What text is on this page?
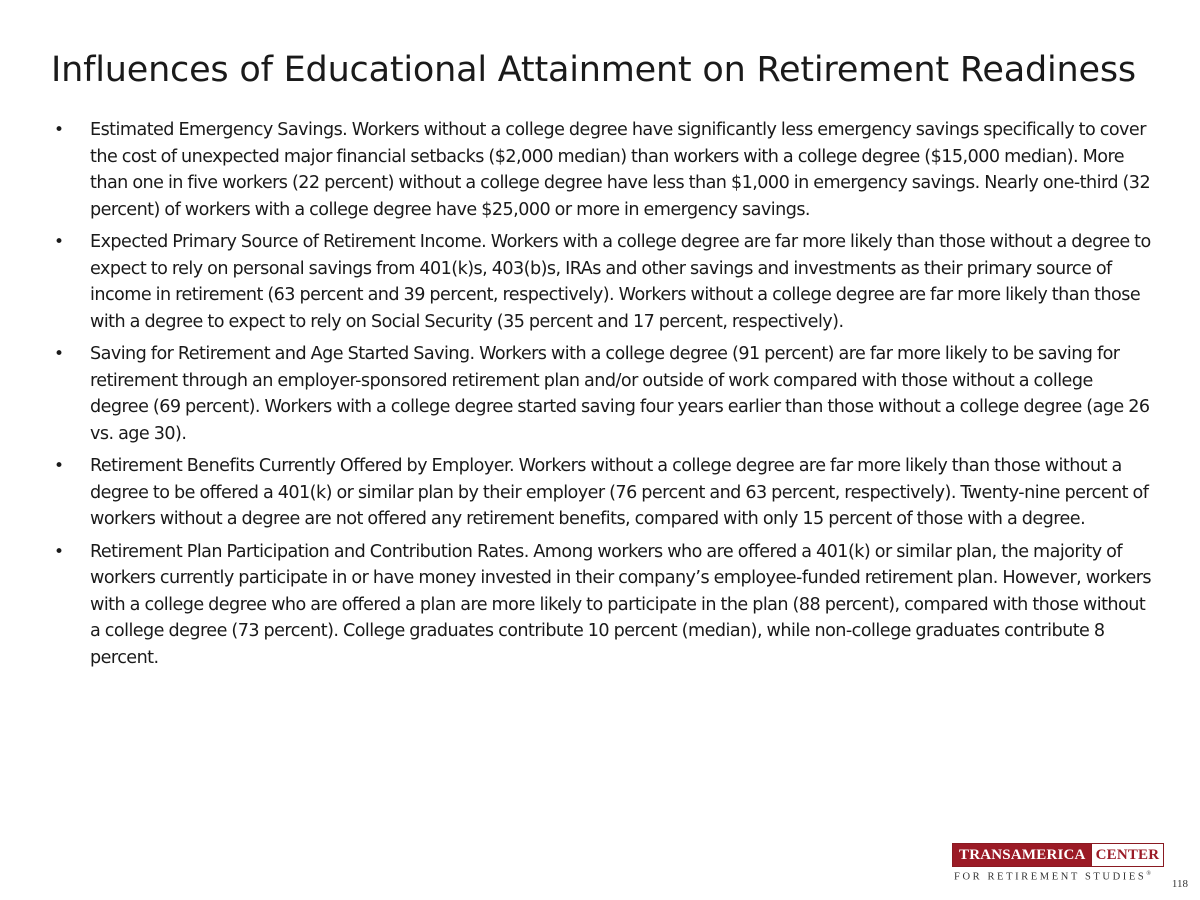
Influences of Educational Attainment on Retirement Readiness
• Estimated Emergency Savings. Workers without a college degree have significantly less emergency savings specifically to cover the cost of unexpected major financial setbacks ($2,000 median) than workers with a college degree ($15,000 median). More than one in five workers (22 percent) without a college degree have less than $1,000 in emergency savings. Nearly one-third (32 percent) of workers with a college degree have $25,000 or more in emergency savings.
• Expected Primary Source of Retirement Income. Workers with a college degree are far more likely than those without a degree to expect to rely on personal savings from 401(k)s, 403(b)s, IRAs and other savings and investments as their primary source of income in retirement (63 percent and 39 percent, respectively). Workers without a college degree are far more likely than those with a degree to expect to rely on Social Security (35 percent and 17 percent, respectively).
• Saving for Retirement and Age Started Saving. Workers with a college degree (91 percent) are far more likely to be saving for retirement through an employer-sponsored retirement plan and/or outside of work compared with those without a college degree (69 percent). Workers with a college degree started saving four years earlier than those without a college degree (age 26 vs. age 30).
• Retirement Benefits Currently Offered by Employer. Workers without a college degree are far more likely than those without a degree to be offered a 401(k) or similar plan by their employer (76 percent and 63 percent, respectively). Twenty-nine percent of workers without a degree are not offered any retirement benefits, compared with only 15 percent of those with a degree.
• Retirement Plan Participation and Contribution Rates. Among workers who are offered a 401(k) or similar plan, the majority of workers currently participate in or have money invested in their company’s employee-funded retirement plan. However, workers with a college degree who are offered a plan are more likely to participate in the plan (88 percent), compared with those without a college degree (73 percent). College graduates contribute 10 percent (median), while non-college graduates contribute 8 percent.
TRANSAMERICA CENTER
FOR RETIREMENT STUDIES®
118
